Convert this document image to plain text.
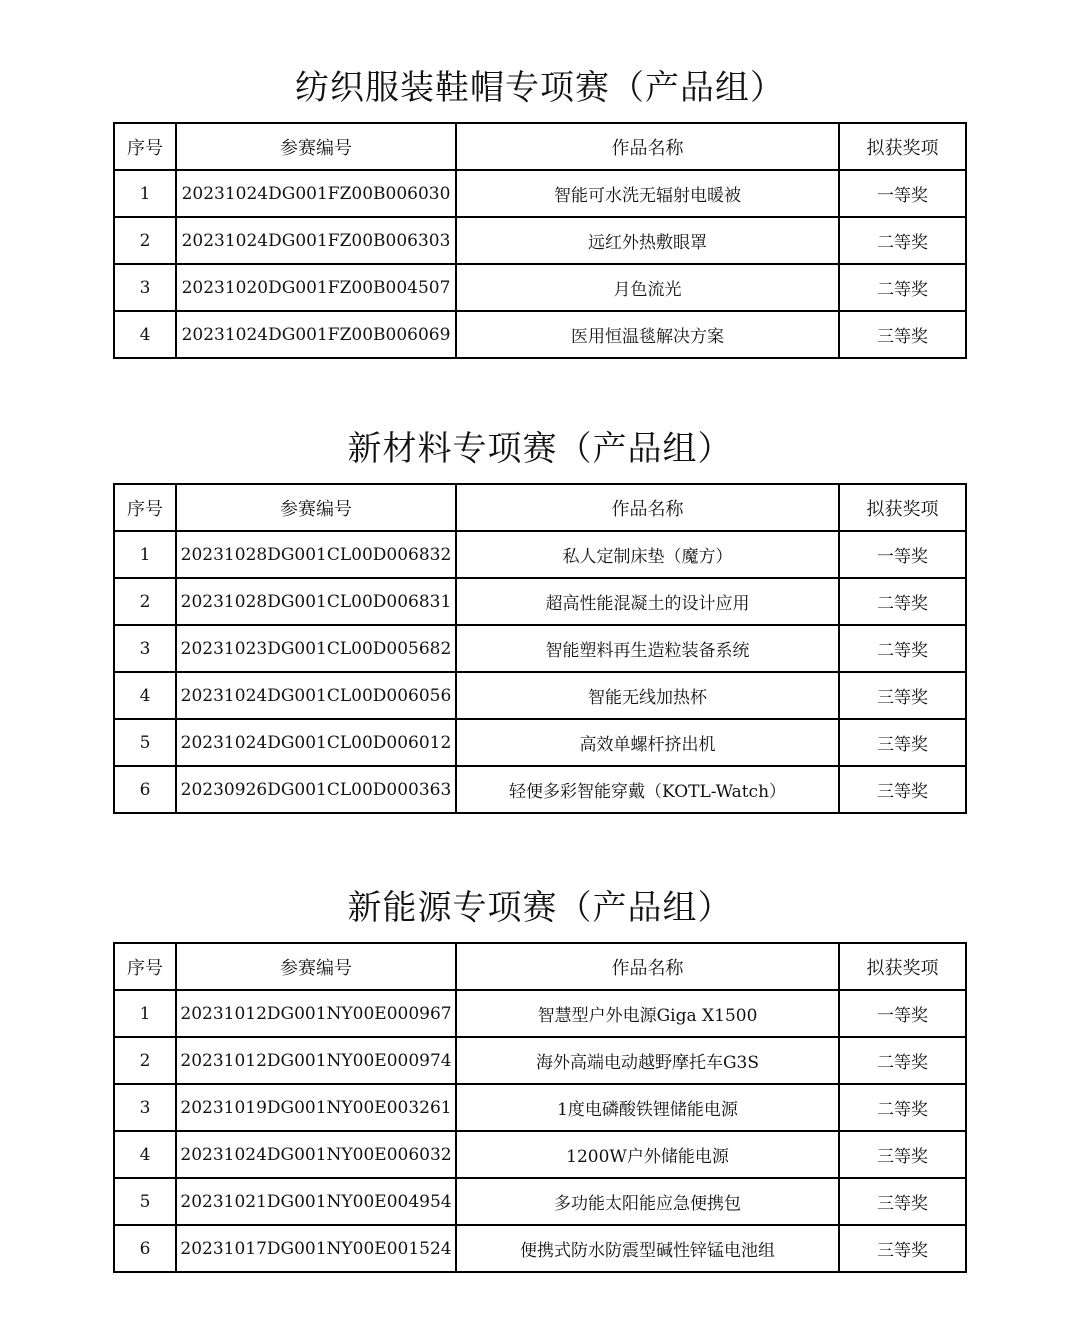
纺织服装鞋帽专项赛（产品组）
序号	参赛编号	作品名称	拟获奖项
1	20231024DG001FZ00B006030	智能可水洗无辐射电暖被	一等奖
2	20231024DG001FZ00B006303	远红外热敷眼罩	二等奖
3	20231020DG001FZ00B004507	月色流光	二等奖
4	20231024DG001FZ00B006069	医用恒温毯解决方案	三等奖
新材料专项赛（产品组）
序号	参赛编号	作品名称	拟获奖项
1	20231028DG001CL00D006832	私人定制床垫（魔方）	一等奖
2	20231028DG001CL00D006831	超高性能混凝土的设计应用	二等奖
3	20231023DG001CL00D005682	智能塑料再生造粒装备系统	二等奖
4	20231024DG001CL00D006056	智能无线加热杯	三等奖
5	20231024DG001CL00D006012	高效单螺杆挤出机	三等奖
6	20230926DG001CL00D000363	轻便多彩智能穿戴（KOTL-Watch）	三等奖
新能源专项赛（产品组）
序号	参赛编号	作品名称	拟获奖项
1	20231012DG001NY00E000967	智慧型户外电源Giga X1500	一等奖
2	20231012DG001NY00E000974	海外高端电动越野摩托车G3S	二等奖
3	20231019DG001NY00E003261	1度电磷酸铁锂储能电源	二等奖
4	20231024DG001NY00E006032	1200W户外储能电源	三等奖
5	20231021DG001NY00E004954	多功能太阳能应急便携包	三等奖
6	20231017DG001NY00E001524	便携式防水防震型碱性锌锰电池组	三等奖
